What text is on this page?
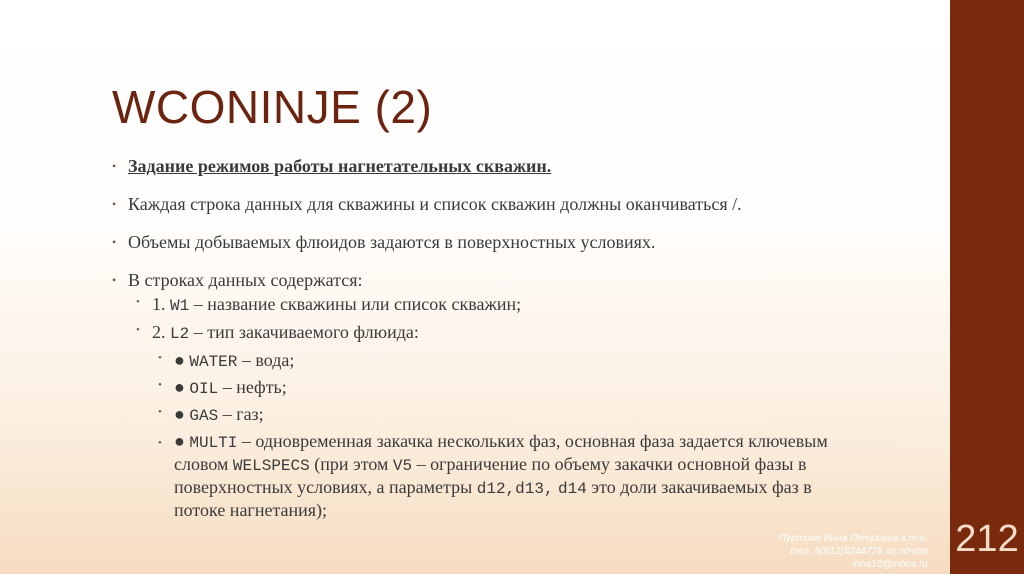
212
WCONINJE (2)
• Задание режимов работы нагнетательных скважин.
• Каждая строка данных для скважины и список скважин должны оканчиваться /.
• Объемы добываемых флюидов задаются в поверхностных условиях.
• В строках данных содержатся:
• 1. W1 – название скважины или список скважин;
• 2. L2 – тип закачиваемого флюида:
• ● WATER – вода;
• ● OIL – нефть;
• ● GAS – газ;
• ● MULTI – одновременная закачка нескольких фаз, основная фаза задается ключевым словом WELSPECS (при этом V5 – ограничение по объему закачки основной фазы в поверхностных условиях, а параметры d12,d13, d14 это доли закачиваемых фаз в потоке нагнетания);
Пуртова Инна Петровна к.т.н.
тел. 8(912)9244778 эл.почта
inna10@inbox.ru
